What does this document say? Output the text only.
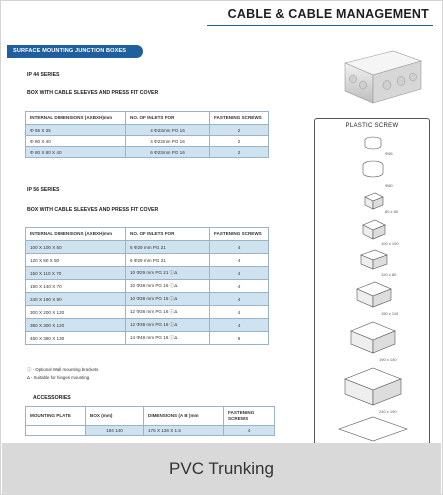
CABLE & CABLE MANAGEMENT
SURFACE MOUNTING JUNCTION BOXES
IP 44 SERIES
BOX WITH CABLE SLEEVES AND PRESS FIT COVER
INTERNAL DIMENSIONS (AXBXH)mm	NO. OF INLETS FOR	FASTENING SCREWS
Φ 65 X 35	4 Φ23mm PG 16	2
Φ 80 X 40	4 Φ23mm PG 16	2
Φ 80 X 80 X 40	6 Φ23mm PG 16	2
IP 56 SERIES
BOX WITH CABLE SLEEVES AND PRESS FIT COVER
INTERNAL DIMENSIONS (AXBXH)mm	NO. OF INLETS FOR	FASTENING SCREWS
100 X 100 X 50	6 Φ29 mm PG 21	4
120 X 80 X 50	6 Φ29 mm PG 21	4
150 X 110 X 70	10 Φ29 mm PG 21 ⓘΔ	4
190 X 140 X 70	10 Φ38 mm PG 16 ⓘΔ	4
240 X 190 X 90	10 Φ38 mm PG 16 ⓘΔ	4
300 X 200 X 120	12 Φ38 mm PG 16 ⓘΔ	4
380 X 300 X 120	12 Φ38 mm PG 16 ⓘΔ	4
460 X 380 X 130	14 Φ48 mm PG 16 ⓘΔ	6
ⓘ - Optional Wall mounting brackets
Δ - Suitable for hinges mounting.
ACCESSORIES
MOUNTING PLATE	BOX (mm)	DIMENSIONS (A B )mm	FASTENING SCREWS
	194 140	176 X 126 X 1.5	4
PLASTIC SCREW
Φ65
Φ80
80 x 80
100 x 100
120 x 80
150 x 110
190 x 140
240 x 190
PVC Trunking
